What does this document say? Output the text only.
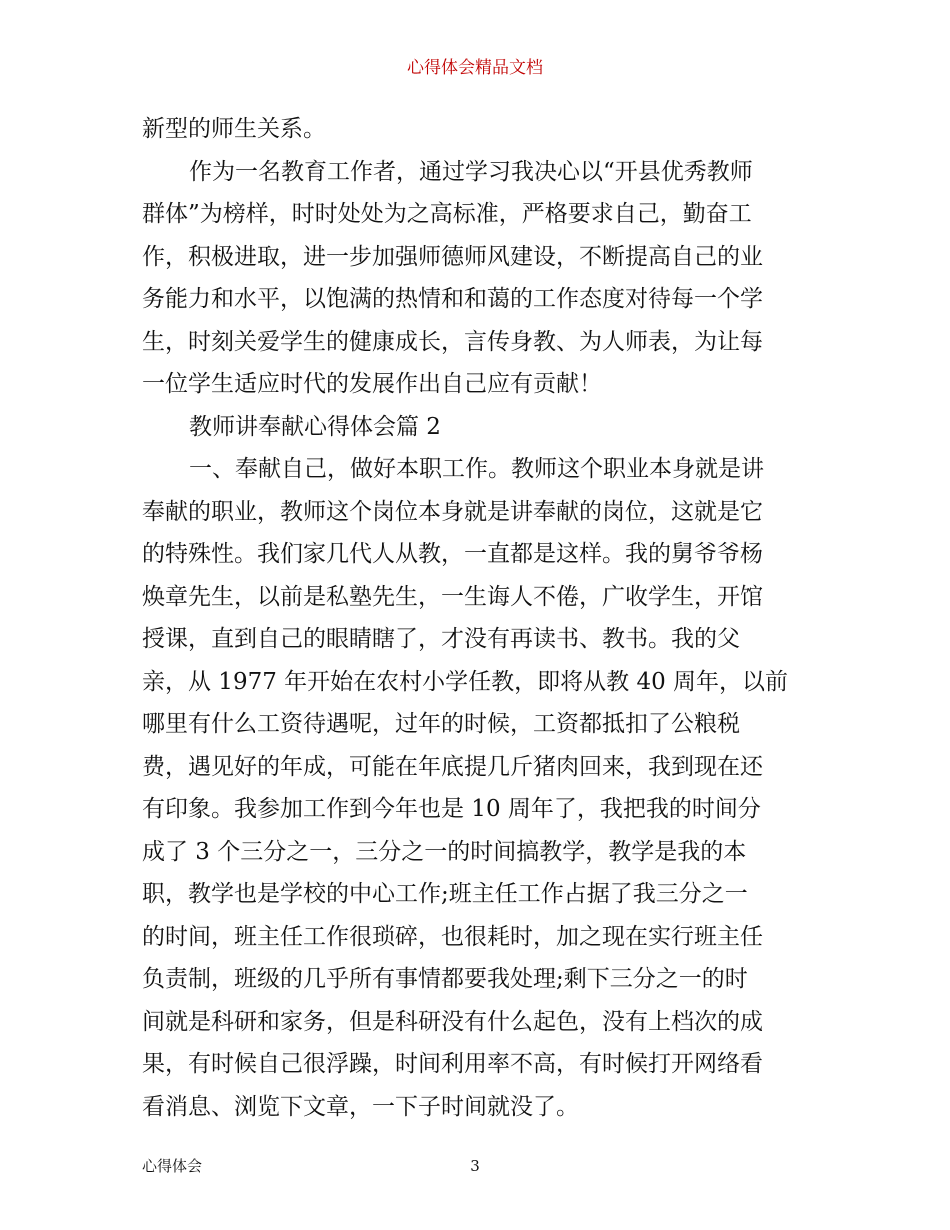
心得体会精品文档
新型的师生关系。
作为一名教育工作者，通过学习我决心以“开县优秀教师
群体”为榜样，时时处处为之高标准，严格要求自己，勤奋工
作，积极进取，进一步加强师德师风建设，不断提高自己的业
务能力和水平，以饱满的热情和和蔼的工作态度对待每一个学
生，时刻关爱学生的健康成长，言传身教、为人师表，为让每
一位学生适应时代的发展作出自己应有贡献！
教师讲奉献心得体会篇 2
一、奉献自己，做好本职工作。教师这个职业本身就是讲
奉献的职业，教师这个岗位本身就是讲奉献的岗位，这就是它
的特殊性。我们家几代人从教，一直都是这样。我的舅爷爷杨
焕章先生，以前是私塾先生，一生诲人不倦，广收学生，开馆
授课，直到自己的眼睛瞎了，才没有再读书、教书。我的父
亲，从 1977 年开始在农村小学任教，即将从教 40 周年，以前
哪里有什么工资待遇呢，过年的时候，工资都抵扣了公粮税
费，遇见好的年成，可能在年底提几斤猪肉回来，我到现在还
有印象。我参加工作到今年也是 10 周年了，我把我的时间分
成了 3 个三分之一，三分之一的时间搞教学，教学是我的本
职，教学也是学校的中心工作;班主任工作占据了我三分之一
的时间，班主任工作很琐碎，也很耗时，加之现在实行班主任
负责制，班级的几乎所有事情都要我处理;剩下三分之一的时
间就是科研和家务，但是科研没有什么起色，没有上档次的成
果，有时候自己很浮躁，时间利用率不高，有时候打开网络看
看消息、浏览下文章，一下子时间就没了。
心得体会	3
